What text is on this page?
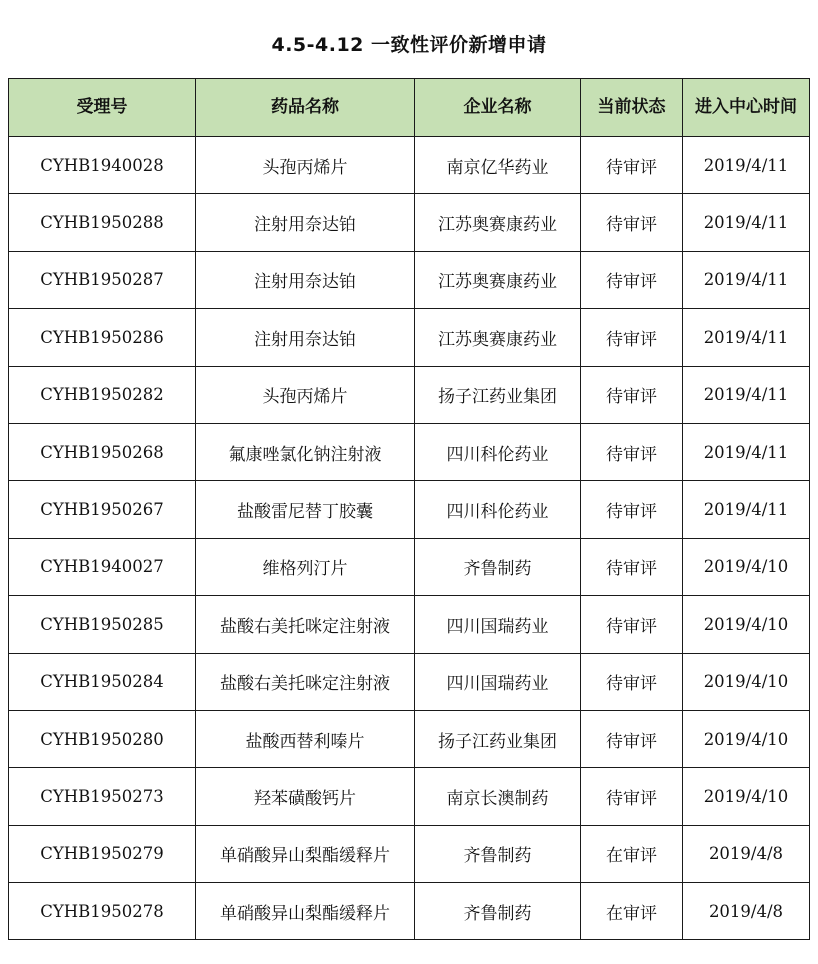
4.5-4.12 一致性评价新增申请
受理号	药品名称	企业名称	当前状态	进入中心时间
CYHB1940028	头孢丙烯片	南京亿华药业	待审评	2019/4/11
CYHB1950288	注射用奈达铂	江苏奥赛康药业	待审评	2019/4/11
CYHB1950287	注射用奈达铂	江苏奥赛康药业	待审评	2019/4/11
CYHB1950286	注射用奈达铂	江苏奥赛康药业	待审评	2019/4/11
CYHB1950282	头孢丙烯片	扬子江药业集团	待审评	2019/4/11
CYHB1950268	氟康唑氯化钠注射液	四川科伦药业	待审评	2019/4/11
CYHB1950267	盐酸雷尼替丁胶囊	四川科伦药业	待审评	2019/4/11
CYHB1940027	维格列汀片	齐鲁制药	待审评	2019/4/10
CYHB1950285	盐酸右美托咪定注射液	四川国瑞药业	待审评	2019/4/10
CYHB1950284	盐酸右美托咪定注射液	四川国瑞药业	待审评	2019/4/10
CYHB1950280	盐酸西替利嗪片	扬子江药业集团	待审评	2019/4/10
CYHB1950273	羟苯磺酸钙片	南京长澳制药	待审评	2019/4/10
CYHB1950279	单硝酸异山梨酯缓释片	齐鲁制药	在审评	2019/4/8
CYHB1950278	单硝酸异山梨酯缓释片	齐鲁制药	在审评	2019/4/8
